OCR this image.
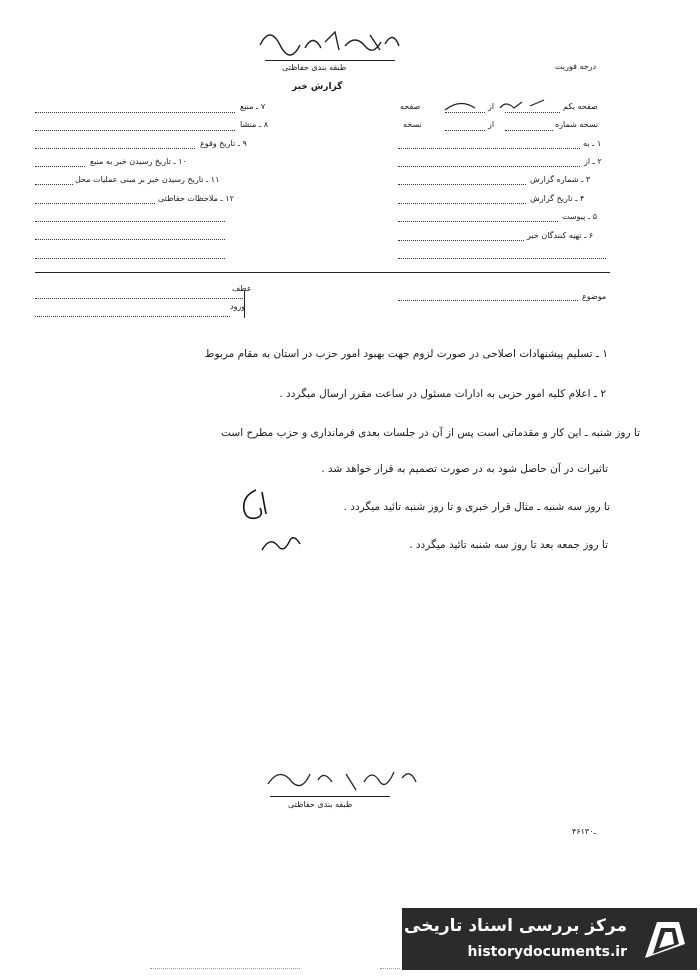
طبقه بندی حفاظتی
گزارش خبر
درجه فوریت
صفحه یکم
از
صفحه
نسخه شماره
از
نسخه
۱ ـ به
۲ ـ از
۳ ـ شماره گزارش
۴ ـ تاریخ گزارش
۵ ـ پیوست
۶ ـ تهیه کنندگان خبر
۷ ـ منبع
۸ ـ منشا
۹ ـ تاریخ وقوع
۱۰ ـ تاریخ رسیدن خبر به منبع
۱۱ ـ تاریخ رسیدن خبر بر مبنی عملیات محل
۱۲ ـ ملاحظات حفاظتی
عطف
ورود
موضوع
۱ ـ تسلیم پیشنهادات اصلاحی در صورت لزوم جهت بهبود امور حزب در استان به مقام مربوط
۲ ـ اعلام کلیه امور حزبی به ادارات مسئول در ساعت مقرر ارسال میگردد .
تا روز شنبه ـ این کار و مقدماتی است پس از آن در جلسات بعدی فرمانداری و حزب مطرح است
تاثیرات در آن حاصل شود به در صورت تصمیم به قرار خواهد شد .
تا روز سه شنبه ـ مثال قرار خبری و تا روز شنبه تائید میگردد .
تا روز جمعه بعد تا روز سه شنبه تائید میگردد .
طبقه بندی حفاظتی
۴۶ـ۱۳۰
مرکز بررسی اسناد تاریخی
historydocuments.ir
